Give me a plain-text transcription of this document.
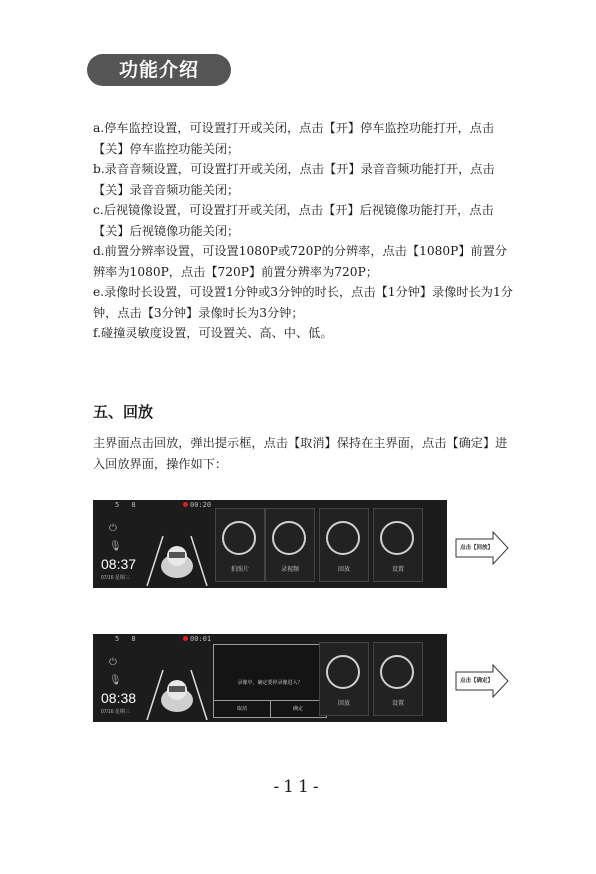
功能介绍

a.停车监控设置，可设置打开或关闭，点击【开】停车监控功能打开，点击【关】停车监控功能关闭；

b.录音音频设置，可设置打开或关闭，点击【开】录音音频功能打开，点击【关】录音音频功能关闭；

c.后视镜像设置，可设置打开或关闭，点击【开】后视镜像功能打开，点击【关】后视镜像功能关闭；

d.前置分辨率设置，可设置1080P或720P的分辨率，点击【1080P】前置分辨率为1080P，点击【720P】前置分辨率为720P；

e.录像时长设置，可设置1分钟或3分钟的时长，点击【1分钟】录像时长为1分钟，点击【3分钟】录像时长为3分钟；

f.碰撞灵敏度设置，可设置关、高、中、低。

五、回放

主界面点击回放，弹出提示框，点击【取消】保持在主界面，点击【确定】进入回放界面，操作如下：

5 8	00:20
⏻
🎙
08:37
07/16 星期三
拍照片	录视频	回放	设置
点击【回放】
5 8	00:01
⏻
🎙
08:38
07/16 星期三
录像中，确定要停录像进入？
取消	确定
回放	设置
点击【确定】
-11-
